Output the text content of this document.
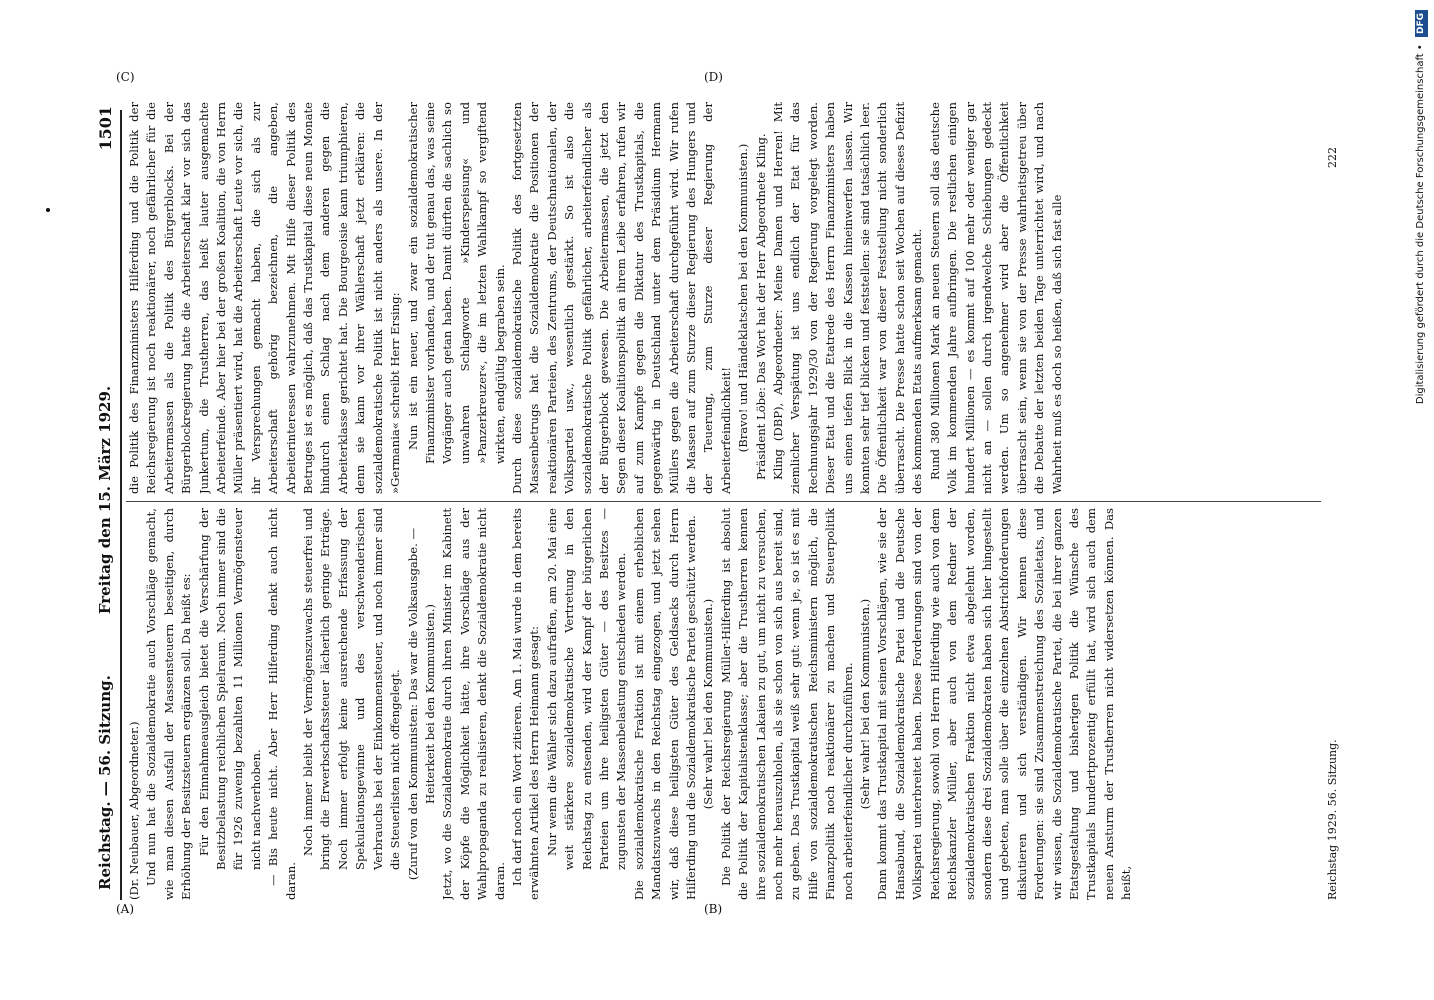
Reichstag. — 56. Sitzung.
Freitag den 15. März 1929.
1501

(Dr. Neubauer, Abgeordneter.) Und nun hat die Sozialdemokratie auch Vorschläge gemacht, wie man diesen Ausfall der Massensteuern beseitigen, durch Erhöhung der Besitzsteuern ergänzen soll. Da heißt es: Für den Einnahmeausgleich bietet die Verschärfung der Besitzbelastung reichlichen Spielraum. Noch immer sind die für 1926 zuwenig bezahlten 11 Millionen Vermögensteuer nicht nachverhoben. — Bis heute nicht. Aber Herr Hilferding denkt auch nicht daran.

Noch immer bleibt der Vermögenszuwachs steuerfrei und bringt die Erwerbschaftssteuer lächerlich geringe Erträge. Noch immer erfolgt keine ausreichende Erfassung der Spekulationsgewinne und des verschwenderischen Verbrauchs bei der Einkommensteuer, und noch immer sind die Steuerlisten nicht offengelegt. (Zuruf von den Kommunisten: Das war die Volksausgabe. — Heiterkeit bei den Kommunisten.) Jetzt, wo die Sozialdemokratie durch ihren Minister im Kabinett der Köpfe die Möglichkeit hätte, ihre Vorschläge aus der Wahlpropaganda zu realisieren, denkt die Sozialdemokratie nicht daran. Ich darf noch ein Wort zitieren. Am 1. Mai wurde in dem bereits erwähnten Artikel des Herrn Heimann gesagt: Nur wenn die Wähler sich dazu aufraffen, am 20. Mai eine weit stärkere sozialdemokratische Vertretung in den Reichstag zu entsenden, wird der Kampf der bürgerlichen Parteien um ihre heiligsten Güter — des Besitzes — zugunsten der Massenbelastung entschieden werden. Die sozialdemokratische Fraktion ist mit einem erheblichen Mandatszuwachs in den Reichstag eingezogen, und jetzt sehen wir, daß diese heiligsten Güter des Geldsacks durch Herrn Hilferding und die Sozialdemokratische Partei geschützt werden. (Sehr wahr! bei den Kommunisten.) Die Politik der Reichsregierung Müller-Hilferding ist absolut die Politik der Kapitalistenklasse; aber die Trustherren kennen ihre sozialdemokratischen Lakaien zu gut, um nicht zu versuchen, noch mehr herauszuholen, als sie schon von sich aus bereit sind, zu geben. Das Trustkapital weiß sehr gut: wenn je, so ist es mit Hilfe von sozialdemokratischen Reichsministern möglich, die Finanzpolitik noch reaktionärer zu machen und Steuerpolitik noch arbeiterfeindlicher durchzuführen. (Sehr wahr! bei den Kommunisten.) Dann kommt das Trustkapital mit seinen Vorschlägen, wie sie der Hansabund, die Sozialdemokratische Partei und die Deutsche Volkspartei unterbreitet haben. Diese Forderungen sind von der Reichsregierung, sowohl von Herrn Hilferding wie auch von dem Reichskanzler Müller, aber auch von dem Redner der sozialdemokratischen Fraktion nicht etwa abgelehnt worden, sondern diese drei Sozialdemokraten haben sich hier hingestellt und gebeten, man solle über die einzelnen Abstrichforderungen diskutieren und sich verständigen. Wir kennen diese Forderungen: sie sind Zusammenstreichung des Sozialetats, und wir wissen, die Sozialdemokratische Partei, die bei ihrer ganzen Etatsgestaltung und bisherigen Politik die Wünsche des Trustkapitals hundertprozentig erfüllt hat, wird sich auch dem neuen Ansturm der Trustherren nicht widersetzen können. Das heißt,

die Politik des Finanzministers Hilferding und die Politik der Reichsregierung ist noch reaktionärer, noch gefährlicher für die Arbeitermassen als die Politik des Bürgerblocks. Bei der Bürgerblockregierung hatte die Arbeiterschaft klar vor sich das Junkertum, die Trustherren, das heißt lauter ausgemachte Arbeiterfeinde. Aber hier bei der großen Koalition, die von Herrn Müller präsentiert wird, hat die Arbeiterschaft Leute vor sich, die ihr Versprechungen gemacht haben, die sich als zur Arbeiterschaft gehörig bezeichnen, die angeben, Arbeiterinteressen wahrzunehmen. Mit Hilfe dieser Politik des Betruges ist es möglich, daß das Trustkapital diese neun Monate hindurch einen Schlag nach dem anderen gegen die Arbeiterklasse gerichtet hat. Die Bourgeoisie kann triumphieren, denn sie kann vor ihrer Wählerschaft jetzt erklären: die sozialdemokratische Politik ist nicht anders als unsere. In der »Germania« schreibt Herr Ersing: Nun ist ein neuer, und zwar ein sozialdemokratischer Finanzminister vorhanden, und der tut genau das, was seine Vorgänger auch getan haben. Damit dürften die sachlich so unwahren Schlagworte »Kinderspeisung« und »Panzerkreuzer«, die im letzten Wahlkampf so vergiftend wirkten, endgültig begraben sein. Durch diese sozialdemokratische Politik des fortgesetzten Massenbetrugs hat die Sozialdemokratie die Positionen der reaktionären Parteien, des Zentrums, der Deutschnationalen, der Volkspartei usw., wesentlich gestärkt. So ist also die sozialdemokratische Politik gefährlicher, arbeiterfeindlicher als der Bürgerblock gewesen. Die Arbeitermassen, die jetzt den Segen dieser Koalitionspolitik an ihrem Leibe erfahren, rufen wir auf zum Kampfe gegen die Diktatur des Trustkapitals, die gegenwärtig in Deutschland unter dem Präsidium Hermann Müllers gegen die Arbeiterschaft durchgeführt wird. Wir rufen die Massen auf zum Sturze dieser Regierung des Hungers und der Teuerung, zum Sturze dieser Regierung der Arbeiterfeindlichkeit! (Bravo! und Händeklatschen bei den Kommunisten.) Präsident Löbe: Das Wort hat der Herr Abgeordnete Kling. Kling (DBP), Abgeordneter: Meine Damen und Herren! Mit ziemlicher Verspätung ist uns endlich der Etat für das Rechnungsjahr 1929/30 von der Regierung vorgelegt worden. Dieser Etat und die Etatrede des Herrn Finanzministers haben uns einen tiefen Blick in die Kassen hineinwerfen lassen. Wir konnten sehr tief blicken und feststellen: sie sind tatsächlich leer. Die Öffentlichkeit war von dieser Feststellung nicht sonderlich überrascht. Die Presse hatte schon seit Wochen auf dieses Defizit des kommenden Etats aufmerksam gemacht. Rund 380 Millionen Mark an neuen Steuern soll das deutsche Volk im kommenden Jahre aufbringen. Die restlichen einigen hundert Millionen — es kommt auf 100 mehr oder weniger gar nicht an — sollen durch irgendwelche Schiebungen gedeckt werden. Um so angenehmer wird aber die Öffentlichkeit überrascht sein, wenn sie von der Presse wahrheitsgetreu über die Debatte der letzten beiden Tage unterrichtet wird, und nach Wahrheit muß es doch so heißen, daß sich fast alle

Reichstag 1929. 56. Sitzung.
222
(A)	(B)
(C)	(D)	Digitalisierung gefördert durch die Deutsche Forschungsgemeinschaft • DFG
